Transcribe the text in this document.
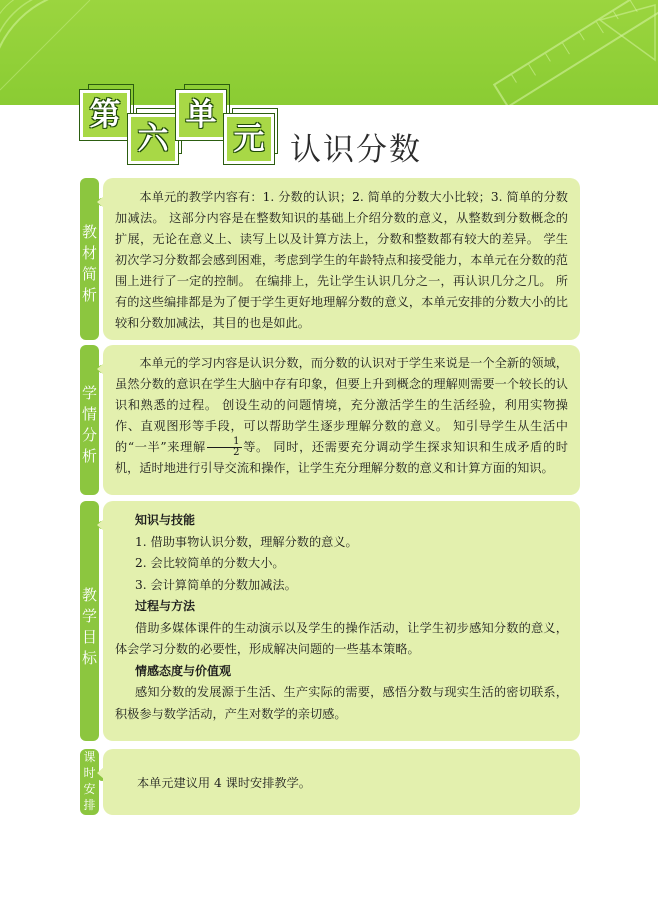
第
六
单
元 认识分数
教
材
简
析

本单元的教学内容有：1. 分数的认识；2. 简单的分数大小比较；3. 简单的分数加减法。 这部分内容是在整数知识的基础上介绍分数的意义，从整数到分数概念的扩展，无论在意义上、读写上以及计算方法上，分数和整数都有较大的差异。 学生初次学习分数都会感到困难，考虑到学生的年龄特点和接受能力，本单元在分数的范围上进行了一定的控制。 在编排上，先让学生认识几分之一，再认识几分之几。 所有的这些编排都是为了便于学生更好地理解分数的意义，本单元安排的分数大小的比较和分数加减法，其目的也是如此。

学
情
分
析

本单元的学习内容是认识分数，而分数的认识对于学生来说是一个全新的领域，虽然分数的意识在学生大脑中存有印象，但要上升到概念的理解则需要一个较长的认识和熟悉的过程。 创设生动的问题情境，充分激活学生的生活经验，利用实物操作、直观图形等手段，可以帮助学生逐步理解分数的意义。 知引导学生从生活中的“一半”来理解 $\frac{1}{2}$ 等。 同时，还需要充分调动学生探求知识和生成矛盾的时机，适时地进行引导交流和操作，让学生充分理解分数的意义和计算方面的知识。

教
学
目
标

知识与技能

1. 借助事物认识分数，理解分数的意义。

2. 会比较简单的分数大小。

3. 会计算简单的分数加减法。

过程与方法

借助多媒体课件的生动演示以及学生的操作活动，让学生初步感知分数的意义，体会学习分数的必要性，形成解决问题的一些基本策略。

情感态度与价值观

感知分数的发展源于生活、生产实际的需要，感悟分数与现实生活的密切联系，积极参与数学活动，产生对数学的亲切感。

课
时
安
排

本单元建议用 4 课时安排教学。
